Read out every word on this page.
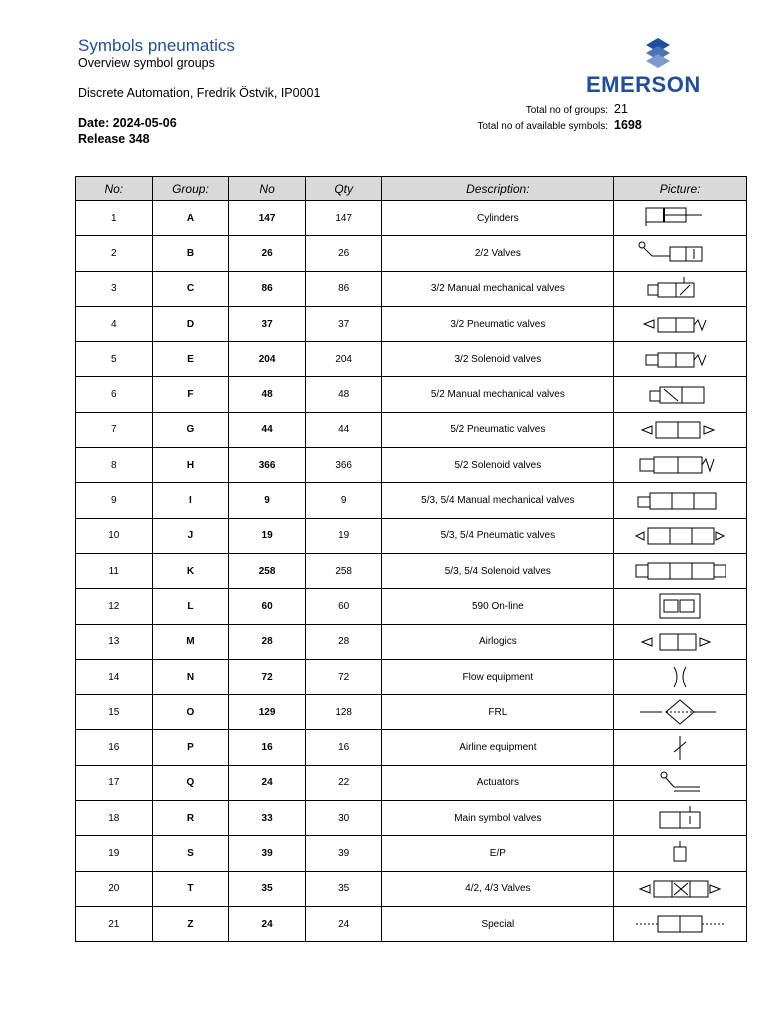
Symbols pneumatics
Overview symbol groups
Discrete Automation, Fredrik Östvik, IP0001
Date: 2024-05-06
Release 348
Total no of groups: 21
Total no of available symbols: 1698
EMERSON
No:	Group:	No	Qty	Description:	Picture:
1	A	147	147	Cylinders	

2	B	26	26	2/2 Valves	

3	C	86	86	3/2 Manual mechanical valves	

4	D	37	37	3/2 Pneumatic valves	

5	E	204	204	3/2 Solenoid valves	

6	F	48	48	5/2 Manual mechanical valves	

7	G	44	44	5/2 Pneumatic valves	

8	H	366	366	5/2 Solenoid valves	

9	I	9	9	5/3, 5/4 Manual mechanical valves	

10	J	19	19	5/3, 5/4 Pneumatic valves	

11	K	258	258	5/3, 5/4 Solenoid valves	

12	L	60	60	590 On-line	

13	M	28	28	Airlogics	

14	N	72	72	Flow equipment	

15	O	129	128	FRL	

16	P	16	16	Airline equipment	

17	Q	24	22	Actuators	

18	R	33	30	Main symbol valves	

19	S	39	39	E/P	

20	T	35	35	4/2, 4/3 Valves	

21	Z	24	24	Special	
